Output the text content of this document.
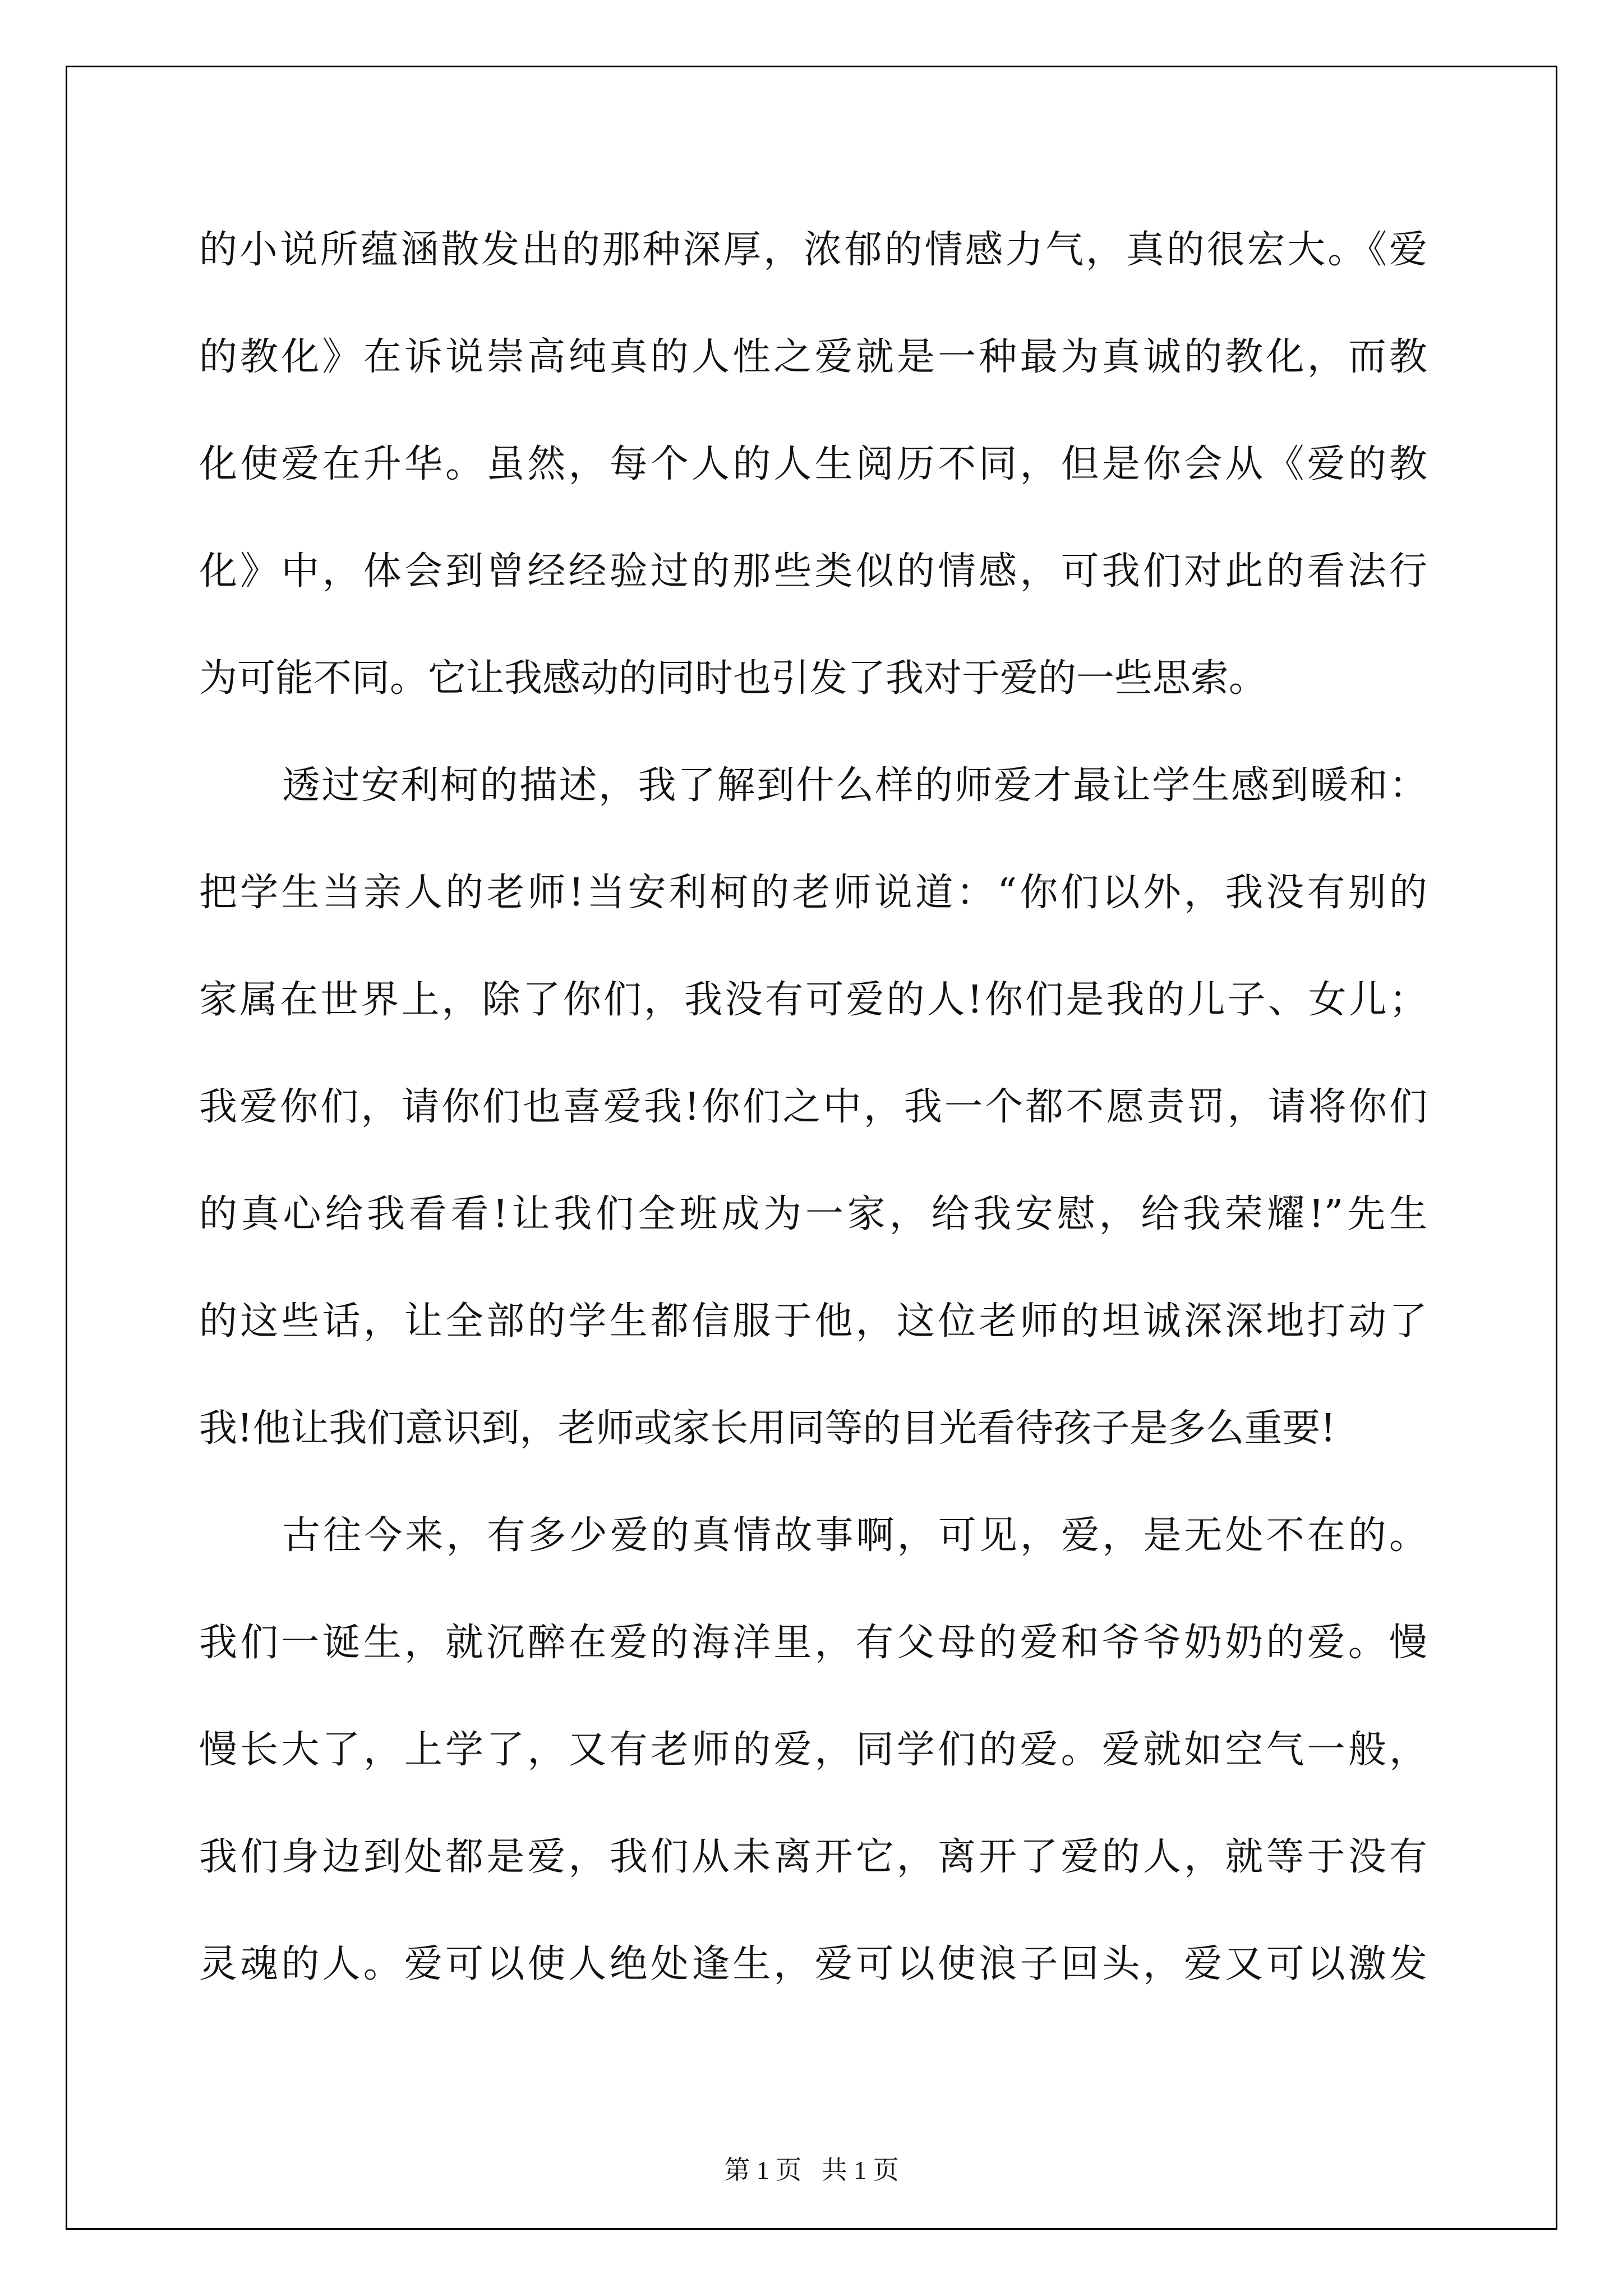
的小说所蕴涵散发出的那种深厚，浓郁的情感力气，真的很宏大。《爱
的教化》在诉说崇高纯真的人性之爱就是一种最为真诚的教化，而教
化使爱在升华。虽然，每个人的人生阅历不同，但是你会从《爱的教
化》中，体会到曾经经验过的那些类似的情感，可我们对此的看法行
为可能不同。它让我感动的同时也引发了我对于爱的一些思索。
透过安利柯的描述，我了解到什么样的师爱才最让学生感到暖和：
把学生当亲人的老师!当安利柯的老师说道：“你们以外，我没有别的
家属在世界上，除了你们，我没有可爱的人!你们是我的儿子、女儿；
我爱你们，请你们也喜爱我!你们之中，我一个都不愿责罚，请将你们
的真心给我看看!让我们全班成为一家，给我安慰，给我荣耀!”先生
的这些话，让全部的学生都信服于他，这位老师的坦诚深深地打动了
我!他让我们意识到，老师或家长用同等的目光看待孩子是多么重要!
古往今来，有多少爱的真情故事啊，可见，爱，是无处不在的。
我们一诞生，就沉醉在爱的海洋里，有父母的爱和爷爷奶奶的爱。慢
慢长大了，上学了，又有老师的爱，同学们的爱。爱就如空气一般，
我们身边到处都是爱，我们从未离开它，离开了爱的人，就等于没有
灵魂的人。爱可以使人绝处逢生，爱可以使浪子回头，爱又可以激发
第 1 页 共 1 页
